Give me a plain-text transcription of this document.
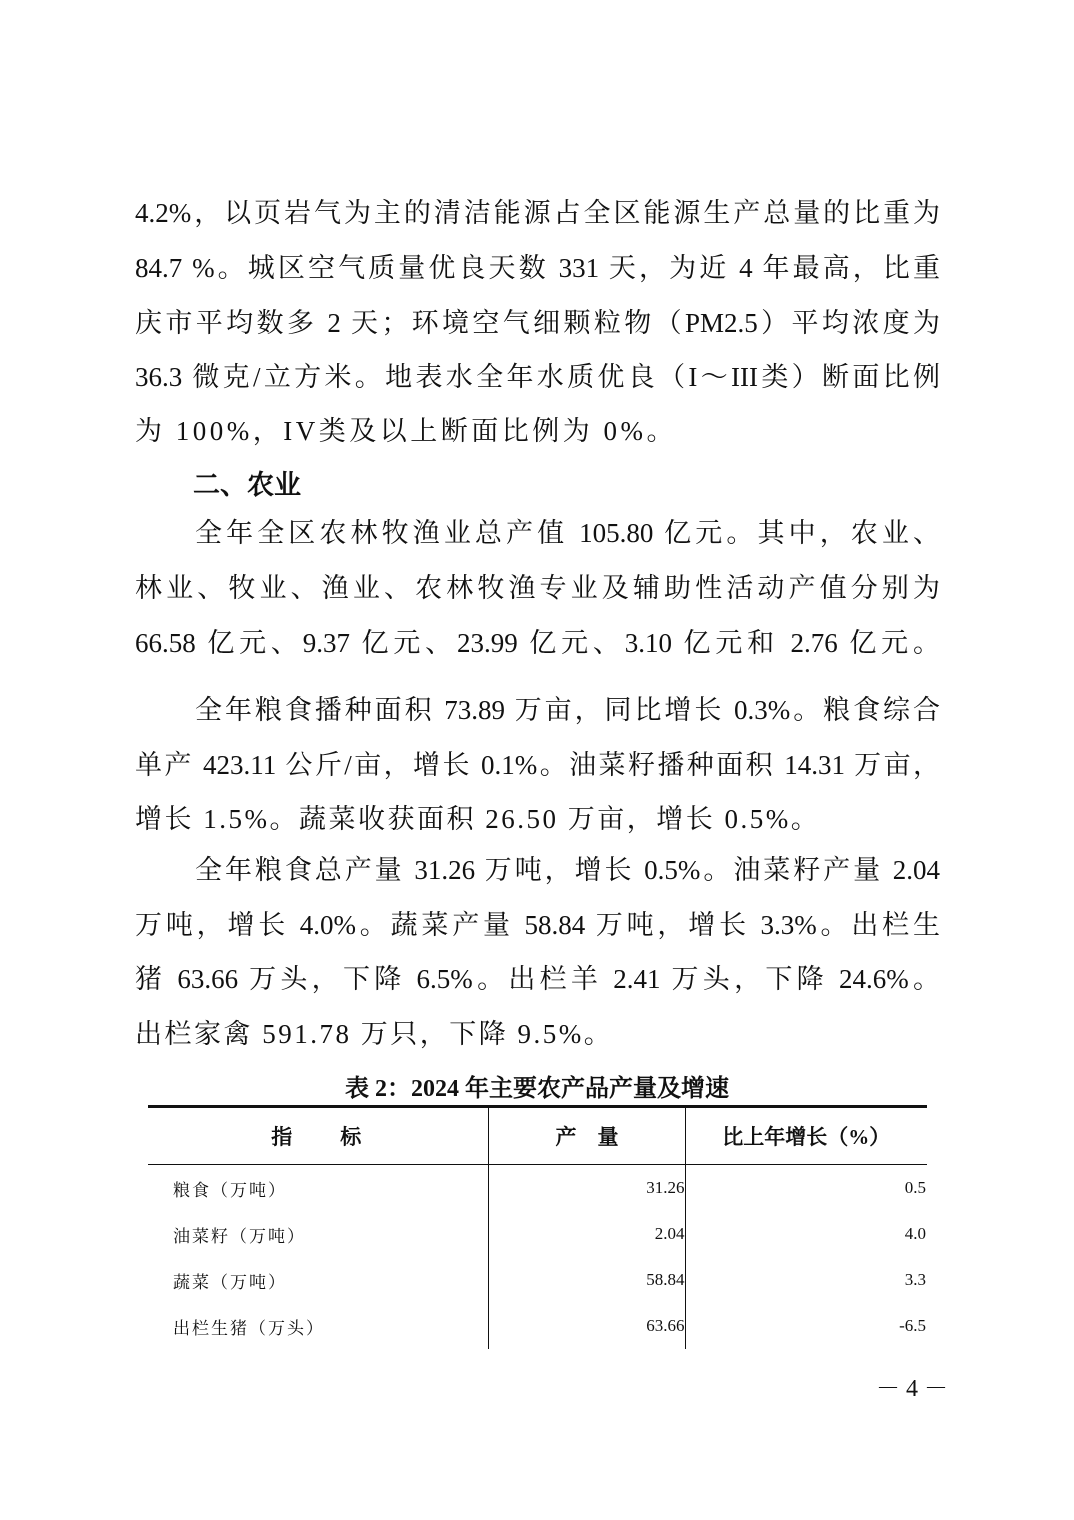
4.2%，以页岩气为主的清洁能源占全区能源生产总量的比重为
84.7 %。城区空气质量优良天数 331 天，为近 4 年最高，比重
庆市平均数多 2 天；环境空气细颗粒物（PM2.5）平均浓度为
36.3 微克/立方米。地表水全年水质优良（I～III类）断面比例
为 100%，IV类及以上断面比例为 0%。
二、农业
全年全区农林牧渔业总产值 105.80 亿元。其中，农业、
林业、牧业、渔业、农林牧渔专业及辅助性活动产值分别为
66.58 亿元、9.37 亿元、23.99 亿元、3.10 亿元和 2.76 亿元。
全年粮食播种面积 73.89 万亩，同比增长 0.3%。粮食综合
单产 423.11 公斤/亩，增长 0.1%。油菜籽播种面积 14.31 万亩，
增长 1.5%。蔬菜收获面积 26.50 万亩，增长 0.5%。
全年粮食总产量 31.26 万吨，增长 0.5%。油菜籽产量 2.04
万吨，增长 4.0%。蔬菜产量 58.84 万吨，增长 3.3%。出栏生
猪 63.66 万头，下降 6.5%。出栏羊 2.41 万头，下降 24.6%。
出栏家禽 591.78 万只，下降 9.5%。
表 2：2024 年主要农产品产量及增速
指　　标	产　量	比上年增长（%）
粮食（万吨）	31.26	0.5
油菜籽（万吨）	2.04	4.0
蔬菜（万吨）	58.84	3.3
出栏生猪（万头）	63.66	-6.5
－ 4 －
